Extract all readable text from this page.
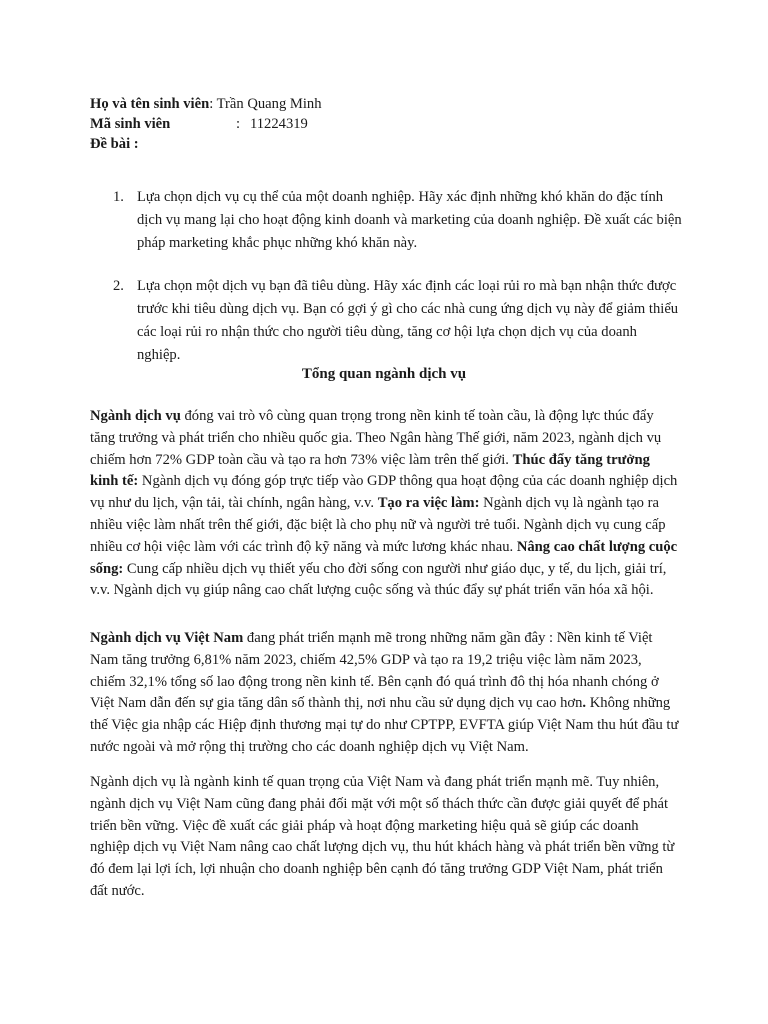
Họ và tên sinh viên: Trần Quang Minh
Mã sinh viên	: 11224319
Đề bài :
1. Lựa chọn dịch vụ cụ thể của một doanh nghiệp. Hãy xác định những khó khăn do đặc tính dịch vụ mang lại cho hoạt động kinh doanh và marketing của doanh nghiệp. Đề xuất các biện pháp marketing khắc phục những khó khăn này.
2. Lựa chọn một dịch vụ bạn đã tiêu dùng. Hãy xác định các loại rủi ro mà bạn nhận thức được trước khi tiêu dùng dịch vụ. Bạn có gợi ý gì cho các nhà cung ứng dịch vụ này để giảm thiểu các loại rủi ro nhận thức cho người tiêu dùng, tăng cơ hội lựa chọn dịch vụ của doanh nghiệp.
Tổng quan ngành dịch vụ

Ngành dịch vụ đóng vai trò vô cùng quan trọng trong nền kinh tế toàn cầu, là động lực thúc đẩy tăng trưởng và phát triển cho nhiều quốc gia. Theo Ngân hàng Thế giới, năm 2023, ngành dịch vụ chiếm hơn 72% GDP toàn cầu và tạo ra hơn 73% việc làm trên thế giới. Thúc đẩy tăng trưởng kinh tế: Ngành dịch vụ đóng góp trực tiếp vào GDP thông qua hoạt động của các doanh nghiệp dịch vụ như du lịch, vận tải, tài chính, ngân hàng, v.v. Tạo ra việc làm: Ngành dịch vụ là ngành tạo ra nhiều việc làm nhất trên thế giới, đặc biệt là cho phụ nữ và người trẻ tuổi. Ngành dịch vụ cung cấp nhiều cơ hội việc làm với các trình độ kỹ năng và mức lương khác nhau. Nâng cao chất lượng cuộc sống: Cung cấp nhiều dịch vụ thiết yếu cho đời sống con người như giáo dục, y tế, du lịch, giải trí, v.v. Ngành dịch vụ giúp nâng cao chất lượng cuộc sống và thúc đẩy sự phát triển văn hóa xã hội.

Ngành dịch vụ Việt Nam đang phát triển mạnh mẽ trong những năm gần đây : Nền kinh tế Việt Nam tăng trưởng 6,81% năm 2023, chiếm 42,5% GDP và tạo ra 19,2 triệu việc làm năm 2023, chiếm 32,1% tổng số lao động trong nền kinh tế. Bên cạnh đó quá trình đô thị hóa nhanh chóng ở Việt Nam dẫn đến sự gia tăng dân số thành thị, nơi nhu cầu sử dụng dịch vụ cao hơn. Không những thế Việc gia nhập các Hiệp định thương mại tự do như CPTPP, EVFTA giúp Việt Nam thu hút đầu tư nước ngoài và mở rộng thị trường cho các doanh nghiệp dịch vụ Việt Nam.

Ngành dịch vụ là ngành kinh tế quan trọng của Việt Nam và đang phát triển mạnh mẽ. Tuy nhiên, ngành dịch vụ Việt Nam cũng đang phải đối mặt với một số thách thức cần được giải quyết để phát triển bền vững. Việc đề xuất các giải pháp và hoạt động marketing hiệu quả sẽ giúp các doanh nghiệp dịch vụ Việt Nam nâng cao chất lượng dịch vụ, thu hút khách hàng và phát triển bền vững từ đó đem lại lợi ích, lợi nhuận cho doanh nghiệp bên cạnh đó tăng trưởng GDP Việt Nam, phát triển đất nước.
